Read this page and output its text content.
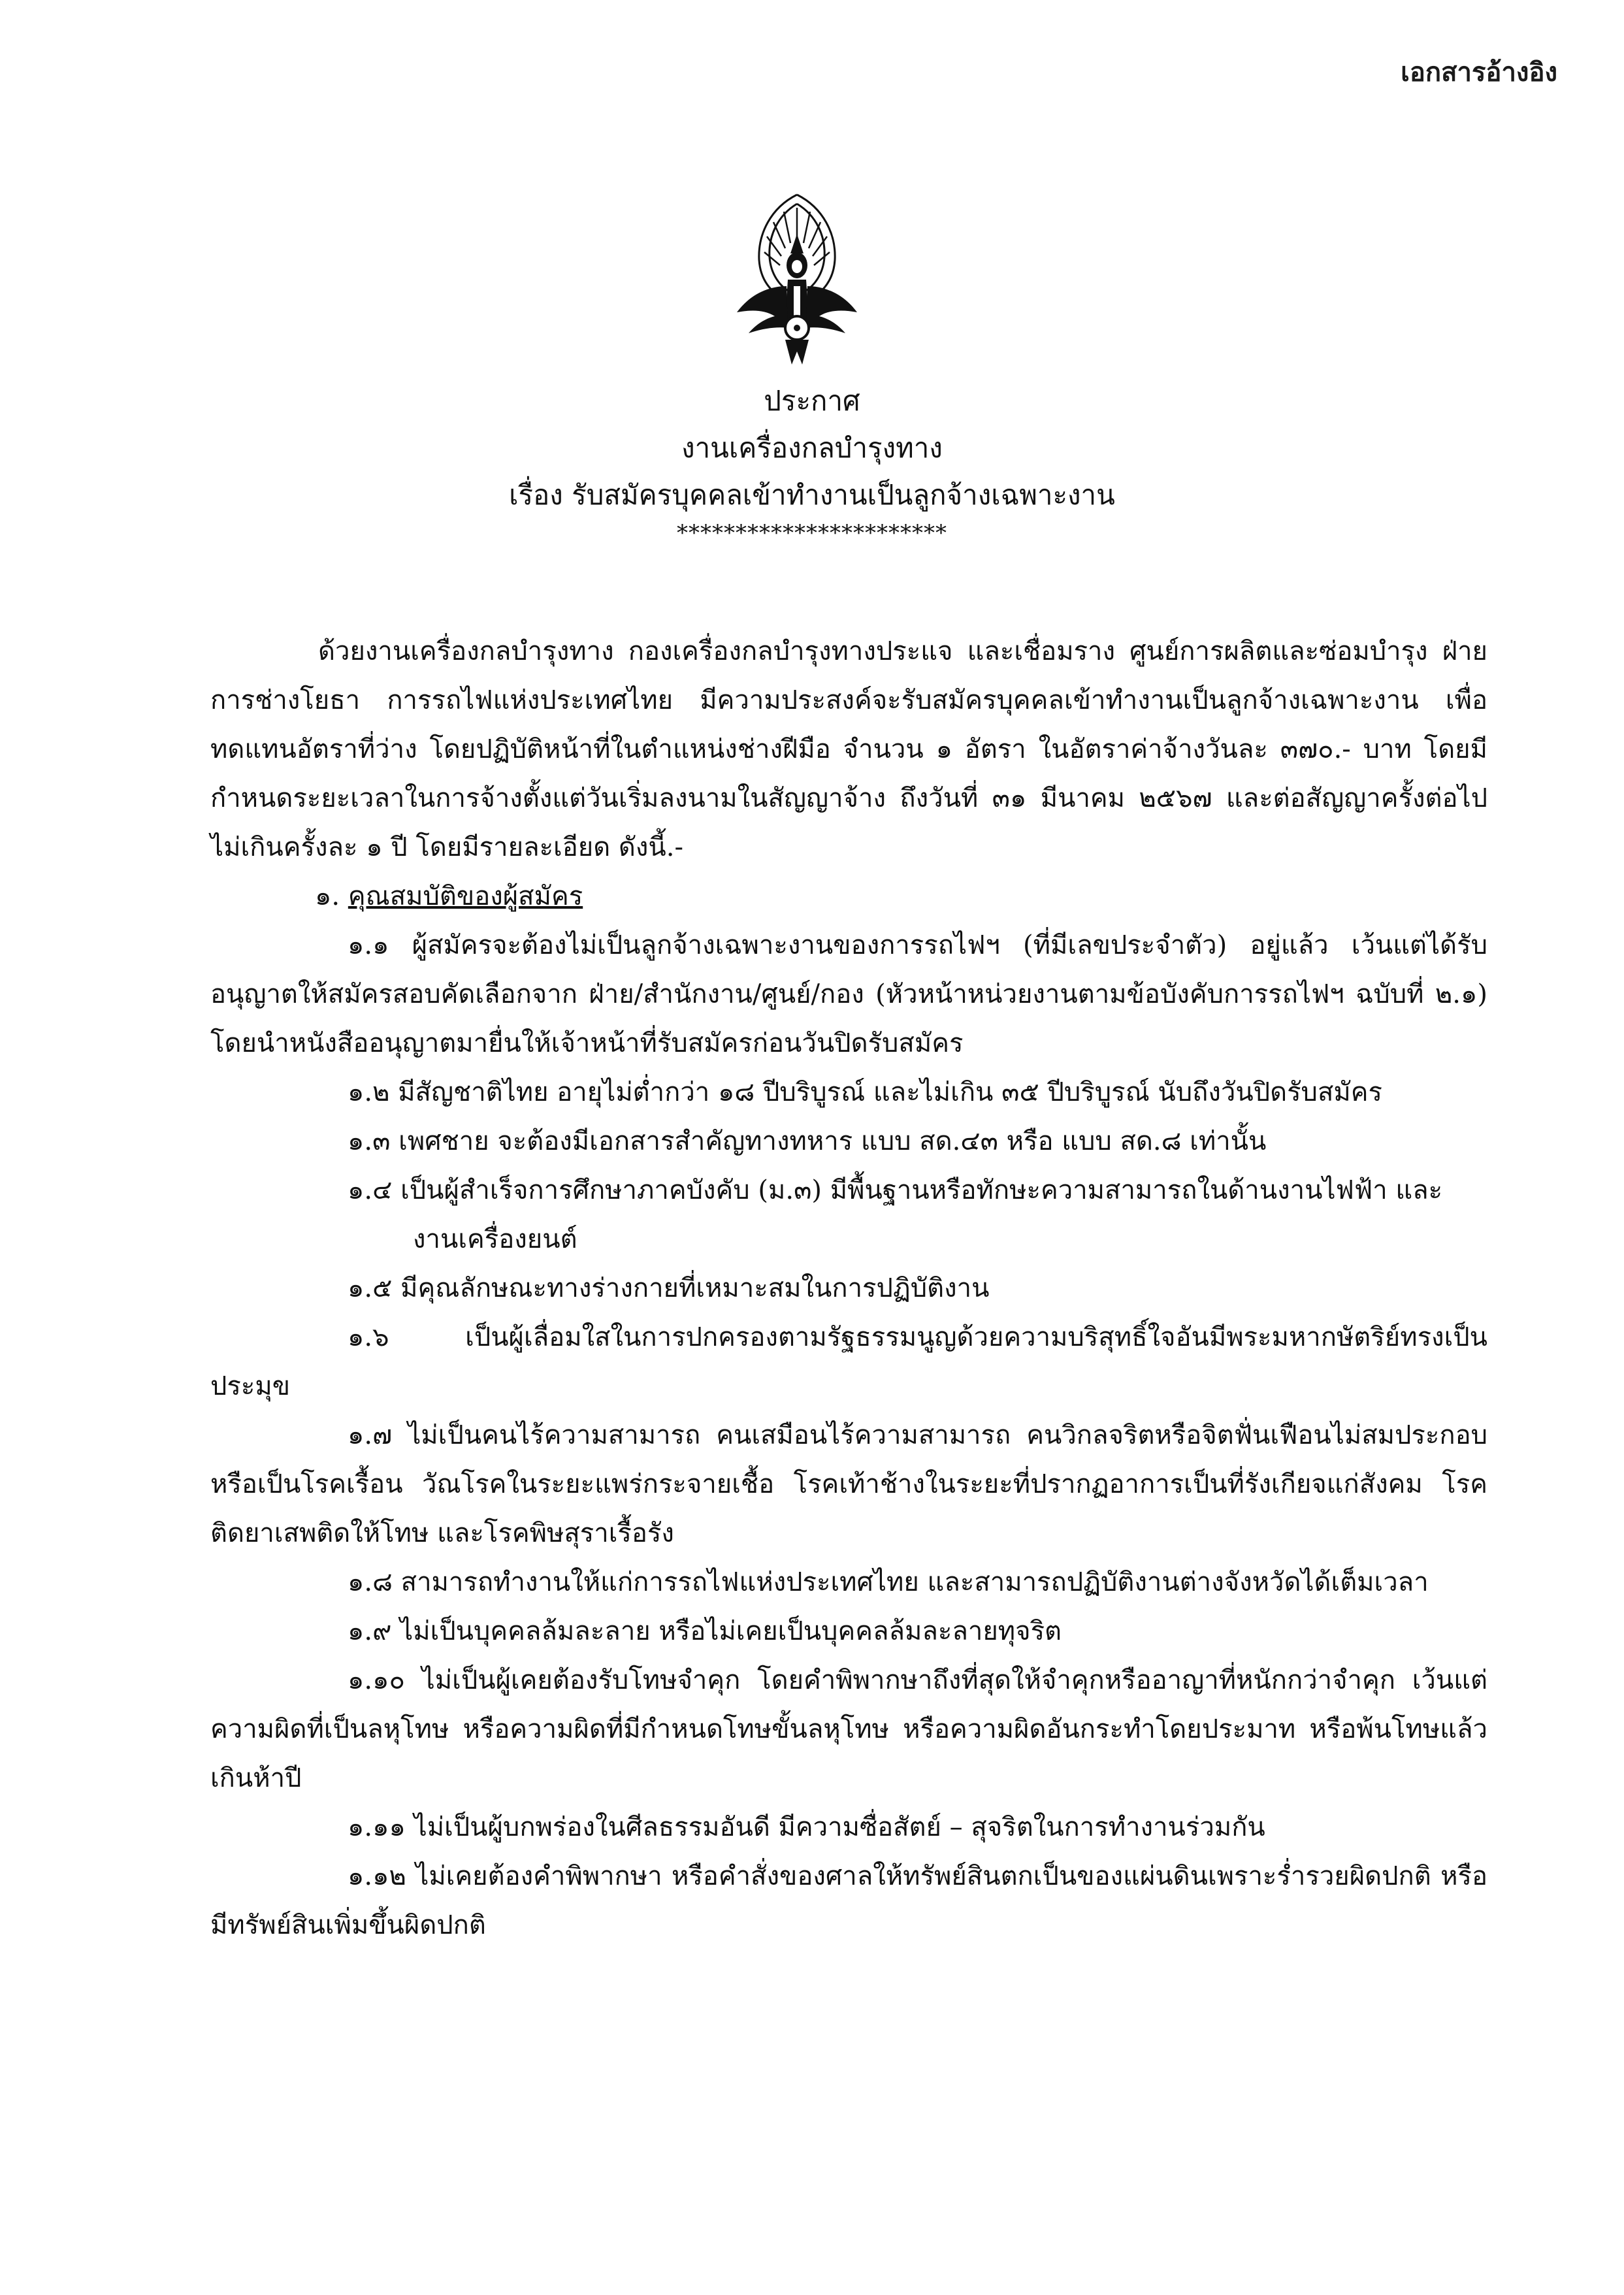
เอกสารอ้างอิง

ประกาศ

งานเครื่องกลบำรุงทาง

เรื่อง รับสมัครบุคคลเข้าทำงานเป็นลูกจ้างเฉพาะงาน

***********************

ด้วยงานเครื่องกลบำรุงทาง กองเครื่องกลบำรุงทางประแจ และเชื่อมราง ศูนย์การผลิตและซ่อมบำรุง ฝ่ายการช่างโยธา การรถไฟแห่งประเทศไทย มีความประสงค์จะรับสมัครบุคคลเข้าทำงานเป็นลูกจ้างเฉพาะงาน เพื่อทดแทนอัตราที่ว่าง โดยปฏิบัติหน้าที่ในตำแหน่งช่างฝีมือ จำนวน ๑ อัตรา ในอัตราค่าจ้างวันละ ๓๗๐.- บาท โดยมีกำหนดระยะเวลาในการจ้างตั้งแต่วันเริ่มลงนามในสัญญาจ้าง ถึงวันที่ ๓๑ มีนาคม ๒๕๖๗ และต่อสัญญาครั้งต่อไปไม่เกินครั้งละ ๑ ปี โดยมีรายละเอียด ดังนี้.-

๑. คุณสมบัติของผู้สมัคร

๑.๑ ผู้สมัครจะต้องไม่เป็นลูกจ้างเฉพาะงานของการรถไฟฯ (ที่มีเลขประจำตัว) อยู่แล้ว เว้นแต่ได้รับอนุญาตให้สมัครสอบคัดเลือกจาก ฝ่าย/สำนักงาน/ศูนย์/กอง (หัวหน้าหน่วยงานตามข้อบังคับการรถไฟฯ ฉบับที่ ๒.๑) โดยนำหนังสืออนุญาตมายื่นให้เจ้าหน้าที่รับสมัครก่อนวันปิดรับสมัคร

๑.๒ มีสัญชาติไทย อายุไม่ต่ำกว่า ๑๘ ปีบริบูรณ์ และไม่เกิน ๓๕ ปีบริบูรณ์ นับถึงวันปิดรับสมัคร

๑.๓ เพศชาย จะต้องมีเอกสารสำคัญทางทหาร แบบ สด.๔๓ หรือ แบบ สด.๘ เท่านั้น

๑.๔ เป็นผู้สำเร็จการศึกษาภาคบังคับ (ม.๓) มีพื้นฐานหรือทักษะความสามารถในด้านงานไฟฟ้า และงานเครื่องยนต์

๑.๕ มีคุณลักษณะทางร่างกายที่เหมาะสมในการปฏิบัติงาน

๑.๖ เป็นผู้เลื่อมใสในการปกครองตามรัฐธรรมนูญด้วยความบริสุทธิ์ใจอันมีพระมหากษัตริย์ทรงเป็นประมุข

๑.๗ ไม่เป็นคนไร้ความสามารถ คนเสมือนไร้ความสามารถ คนวิกลจริตหรือจิตฟั่นเฟือนไม่สมประกอบหรือเป็นโรคเรื้อน วัณโรคในระยะแพร่กระจายเชื้อ โรคเท้าช้างในระยะที่ปรากฏอาการเป็นที่รังเกียจแก่สังคม โรคติดยาเสพติดให้โทษ และโรคพิษสุราเรื้อรัง

๑.๘ สามารถทำงานให้แก่การรถไฟแห่งประเทศไทย และสามารถปฏิบัติงานต่างจังหวัดได้เต็มเวลา

๑.๙ ไม่เป็นบุคคลล้มละลาย หรือไม่เคยเป็นบุคคลล้มละลายทุจริต

๑.๑๐ ไม่เป็นผู้เคยต้องรับโทษจำคุก โดยคำพิพากษาถึงที่สุดให้จำคุกหรืออาญาที่หนักกว่าจำคุก เว้นแต่ความผิดที่เป็นลหุโทษ หรือความผิดที่มีกำหนดโทษขั้นลหุโทษ หรือความผิดอันกระทำโดยประมาท หรือพ้นโทษแล้วเกินห้าปี

๑.๑๑ ไม่เป็นผู้บกพร่องในศีลธรรมอันดี มีความซื่อสัตย์ – สุจริตในการทำงานร่วมกัน

๑.๑๒ ไม่เคยต้องคำพิพากษา หรือคำสั่งของศาลให้ทรัพย์สินตกเป็นของแผ่นดินเพราะร่ำรวยผิดปกติ หรือ มีทรัพย์สินเพิ่มขึ้นผิดปกติ
